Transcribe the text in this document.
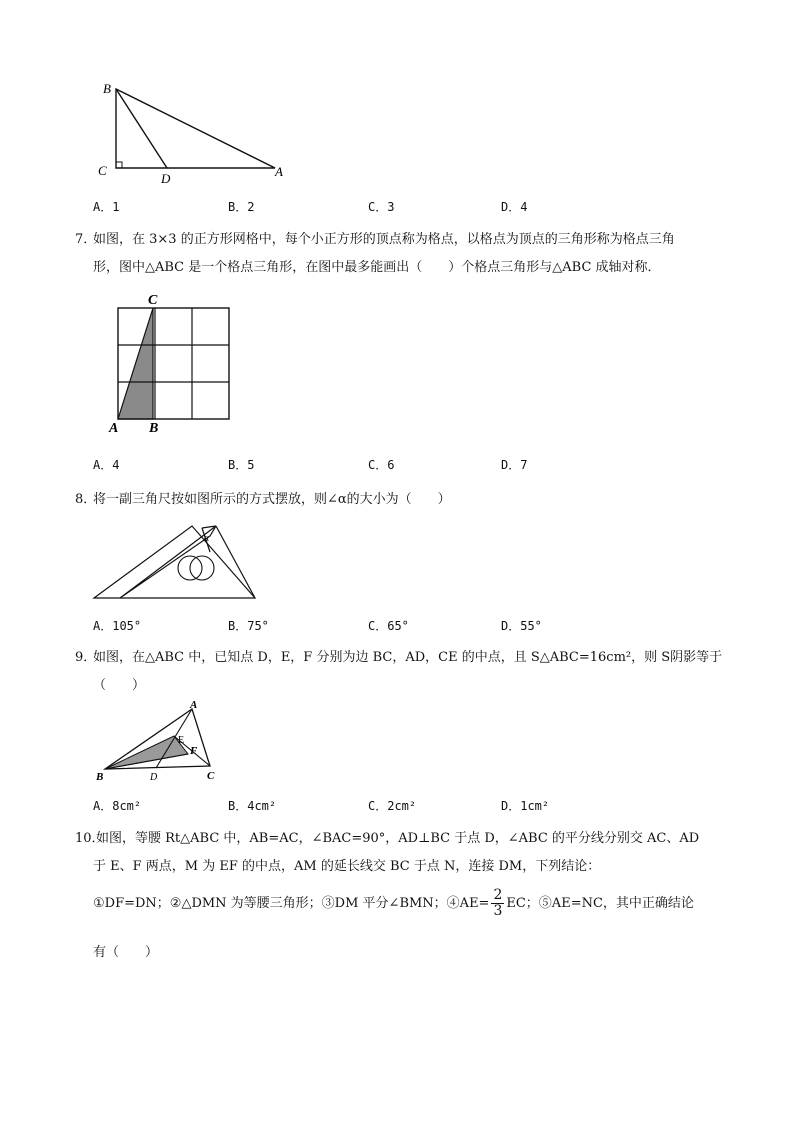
B
C
D	A
A．1	B．2	C．3	D．4
7．
如图，在 3×3 的正方形网格中，每个小正方形的顶点称为格点，以格点为顶点的三角形称为格点三角
形，图中△ABC 是一个格点三角形，在图中最多能画出（　　）个格点三角形与△ABC 成轴对称．
C
A B
A．4	B．5	C．6	D．7
8．
将一副三角尺按如图所示的方式摆放，则∠α的大小为（　　）
α
A．105°	B．75°	C．65°	D．55°
9．
如图，在△ABC 中，已知点 D，E，F 分别为边 BC，AD，CE 的中点，且 S△ABC=16cm²，则 S阴影等于
（　　）
A
E
F
B	D	C
A．8cm²	B．4cm²	C．2cm²	D．1cm²
10．
如图，等腰 Rt△ABC 中，AB=AC，∠BAC=90°，AD⊥BC 于点 D，∠ABC 的平分线分别交 AC、AD
于 E、F 两点，M 为 EF 的中点，AM 的延长线交 BC 于点 N，连接 DM，下列结论：
①DF=DN；②△DMN 为等腰三角形；③DM 平分∠BMN；④AE= $\frac{2}{3}$ EC；⑤AE=NC，其中正确结论
有（　　）
